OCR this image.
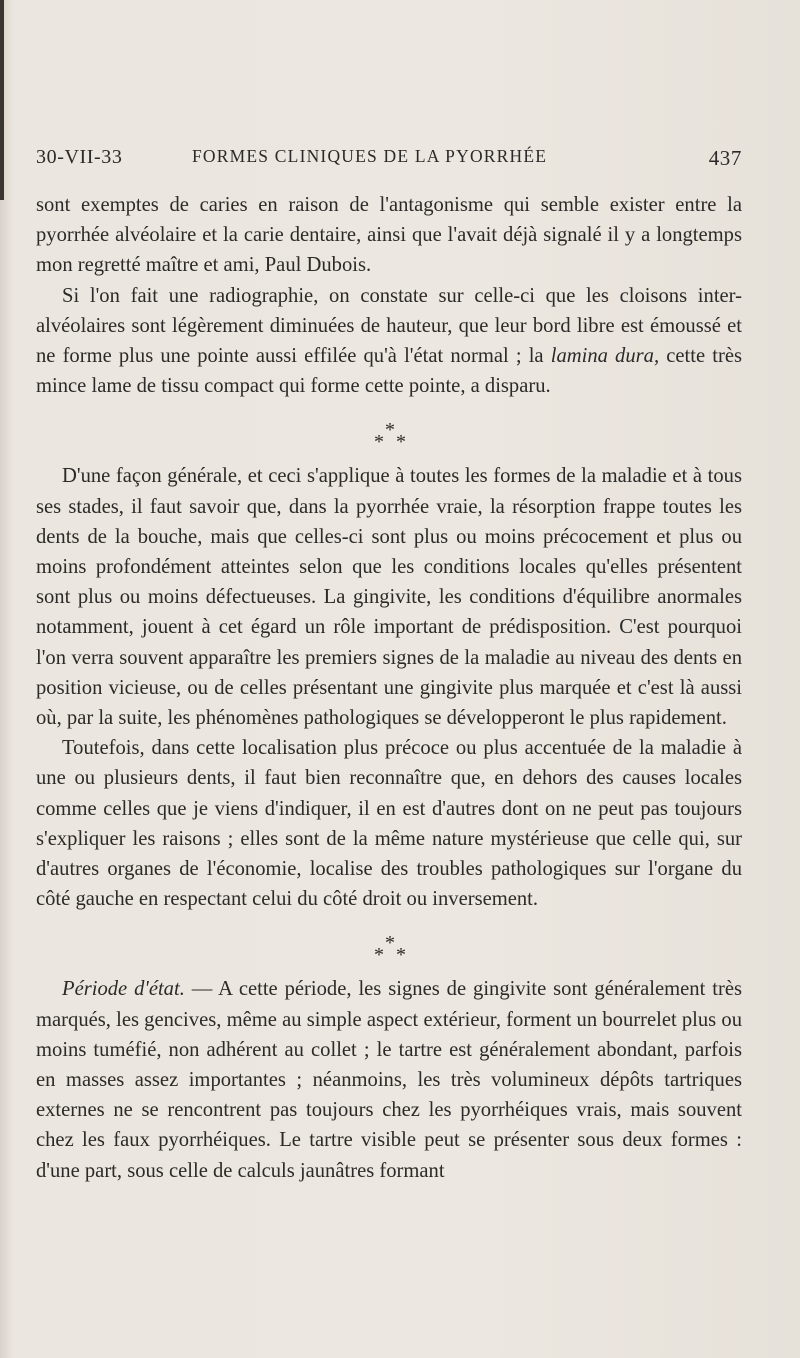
30-VII-33	FORMES CLINIQUES DE LA PYORRHÉE	437

sont exemptes de caries en raison de l'antagonisme qui semble exister entre la pyorrhée alvéolaire et la carie dentaire, ainsi que l'avait déjà signalé il y a longtemps mon regretté maître et ami, Paul Dubois.

Si l'on fait une radiographie, on constate sur celle-ci que les cloisons inter-alvéolaires sont légèrement diminuées de hauteur, que leur bord libre est émoussé et ne forme plus une pointe aussi effilée qu'à l'état normal ; la lamina dura, cette très mince lame de tissu compact qui forme cette pointe, a disparu.

*
* *

D'une façon générale, et ceci s'applique à toutes les formes de la maladie et à tous ses stades, il faut savoir que, dans la pyorrhée vraie, la résorption frappe toutes les dents de la bouche, mais que celles-ci sont plus ou moins précocement et plus ou moins profondément atteintes selon que les conditions locales qu'elles présentent sont plus ou moins défectueuses. La gingivite, les conditions d'équilibre anormales notamment, jouent à cet égard un rôle important de prédisposition. C'est pourquoi l'on verra souvent apparaître les premiers signes de la maladie au niveau des dents en position vicieuse, ou de celles présentant une gingivite plus marquée et c'est là aussi où, par la suite, les phénomènes pathologiques se développeront le plus rapidement.

Toutefois, dans cette localisation plus précoce ou plus accentuée de la maladie à une ou plusieurs dents, il faut bien reconnaître que, en dehors des causes locales comme celles que je viens d'indiquer, il en est d'autres dont on ne peut pas toujours s'expliquer les raisons ; elles sont de la même nature mystérieuse que celle qui, sur d'autres organes de l'économie, localise des troubles pathologiques sur l'organe du côté gauche en respectant celui du côté droit ou inversement.

*
* *

Période d'état. — A cette période, les signes de gingivite sont généralement très marqués, les gencives, même au simple aspect extérieur, forment un bourrelet plus ou moins tuméfié, non adhérent au collet ; le tartre est généralement abondant, parfois en masses assez importantes ; néanmoins, les très volumineux dépôts tartriques externes ne se rencontrent pas toujours chez les pyorrhéiques vrais, mais souvent chez les faux pyorrhéiques. Le tartre visible peut se présenter sous deux formes : d'une part, sous celle de calculs jaunâtres formant
